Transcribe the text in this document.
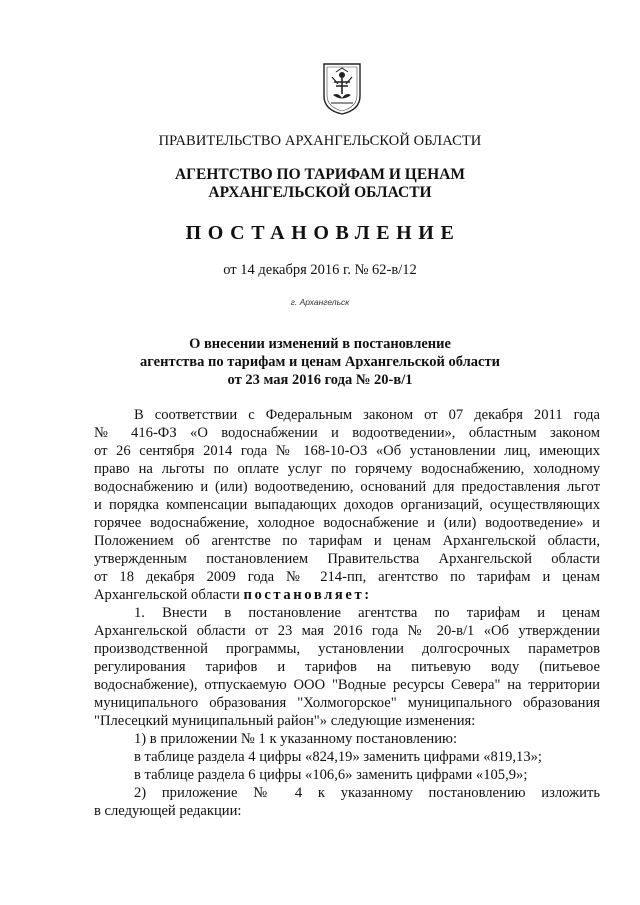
ПРАВИТЕЛЬСТВО АРХАНГЕЛЬСКОЙ ОБЛАСТИ
АГЕНТСТВО ПО ТАРИФАМ И ЦЕНАМ
АРХАНГЕЛЬСКОЙ ОБЛАСТИ
ПОСТАНОВЛЕНИЕ
от 14 декабря 2016 г. № 62-в/12
г. Архангельск
О внесении изменений в постановление
агентства по тарифам и ценам Архангельской области
от 23 мая 2016 года № 20-в/1
В соответствии с Федеральным законом от 07 декабря 2011 года
№ 416-ФЗ «О водоснабжении и водоотведении», областным законом
от 26 сентября 2014 года № 168-10-ОЗ «Об установлении лиц, имеющих
право на льготы по оплате услуг по горячему водоснабжению, холодному
водоснабжению и (или) водоотведению, оснований для предоставления льгот
и порядка компенсации выпадающих доходов организаций, осуществляющих
горячее водоснабжение, холодное водоснабжение и (или) водоотведение» и
Положением об агентстве по тарифам и ценам Архангельской области,
утвержденным постановлением Правительства Архангельской области
от 18 декабря 2009 года № 214-пп, агентство по тарифам и ценам
Архангельской области постановляет:
1. Внести в постановление агентства по тарифам и ценам
Архангельской области от 23 мая 2016 года № 20-в/1 «Об утверждении
производственной программы, установлении долгосрочных параметров
регулирования тарифов и тарифов на питьевую воду (питьевое
водоснабжение), отпускаемую ООО "Водные ресурсы Севера" на территории
муниципального образования "Холмогорское" муниципального образования
"Плесецкий муниципальный район"» следующие изменения:
1) в приложении № 1 к указанному постановлению:
в таблице раздела 4 цифры «824,19» заменить цифрами «819,13»;
в таблице раздела 6 цифры «106,6» заменить цифрами «105,9»;
2) приложение № 4 к указанному постановлению изложить
в следующей редакции:
